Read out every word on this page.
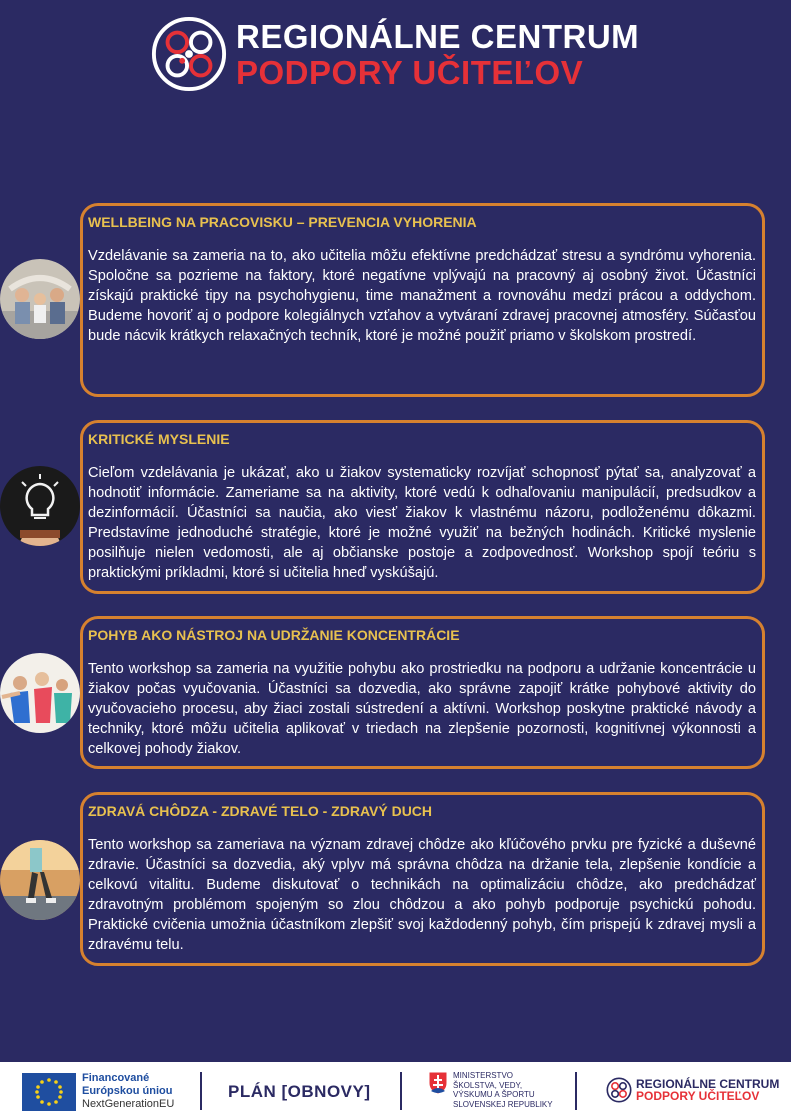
REGIONÁLNE CENTRUM
PODPORY UČITEĽOV
WELLBEING NA PRACOVISKU – PREVENCIA VYHORENIA

Vzdelávanie sa zameria na to, ako učitelia môžu efektívne predchádzať stresu a syndrómu vyhorenia. Spoločne sa pozrieme na faktory, ktoré negatívne vplývajú na pracovný aj osobný život. Účastníci získajú praktické tipy na psychohygienu, time manažment a rovnováhu medzi prácou a oddychom. Budeme hovoriť aj o podpore kolegiálnych vzťahov a vytváraní zdravej pracovnej atmosféry. Súčasťou bude nácvik krátkych relaxačných techník, ktoré je možné použiť priamo v školskom prostredí.

KRITICKÉ MYSLENIE

Cieľom vzdelávania je ukázať, ako u žiakov systematicky rozvíjať schopnosť pýtať sa, analyzovať a hodnotiť informácie. Zameriame sa na aktivity, ktoré vedú k odhaľovaniu manipulácií, predsudkov a dezinformácií. Účastníci sa naučia, ako viesť žiakov k vlastnému názoru, podloženému dôkazmi. Predstavíme jednoduché stratégie, ktoré je možné využiť na bežných hodinách. Kritické myslenie posilňuje nielen vedomosti, ale aj občianske postoje a zodpovednosť. Workshop spojí teóriu s praktickými príkladmi, ktoré si učitelia hneď vyskúšajú.

POHYB AKO NÁSTROJ NA UDRŽANIE KONCENTRÁCIE

Tento workshop sa zameria na využitie pohybu ako prostriedku na podporu a udržanie koncentrácie u žiakov počas vyučovania. Účastníci sa dozvedia, ako správne zapojiť krátke pohybové aktivity do vyučovacieho procesu, aby žiaci zostali sústredení a aktívni. Workshop poskytne praktické návody a techniky, ktoré môžu učitelia aplikovať v triedach na zlepšenie pozornosti, kognitívnej výkonnosti a celkovej pohody žiakov.

ZDRAVÁ CHÔDZA - ZDRAVÉ TELO - ZDRAVÝ DUCH

Tento workshop sa zameriava na význam zdravej chôdze ako kľúčového prvku pre fyzické a duševné zdravie. Účastníci sa dozvedia, aký vplyv má správna chôdza na držanie tela, zlepšenie kondície a celkovú vitalitu. Budeme diskutovať o technikách na optimalizáciu chôdze, ako predchádzať zdravotným problémom spojeným so zlou chôdzou a ako pohyb podporuje psychickú pohodu. Praktické cvičenia umožnia účastníkom zlepšiť svoj každodenný pohyb, čím prispejú k zdravej mysli a zdravému telu.

Financované
Európskou úniou
NextGenerationEU
PLÁN [OBNOVY]
MINISTERSTVO
ŠKOLSTVA, VEDY,
VÝSKUMU A ŠPORTU
SLOVENSKEJ REPUBLIKY
REGIONÁLNE CENTRUM
PODPORY UČITEĽOV
